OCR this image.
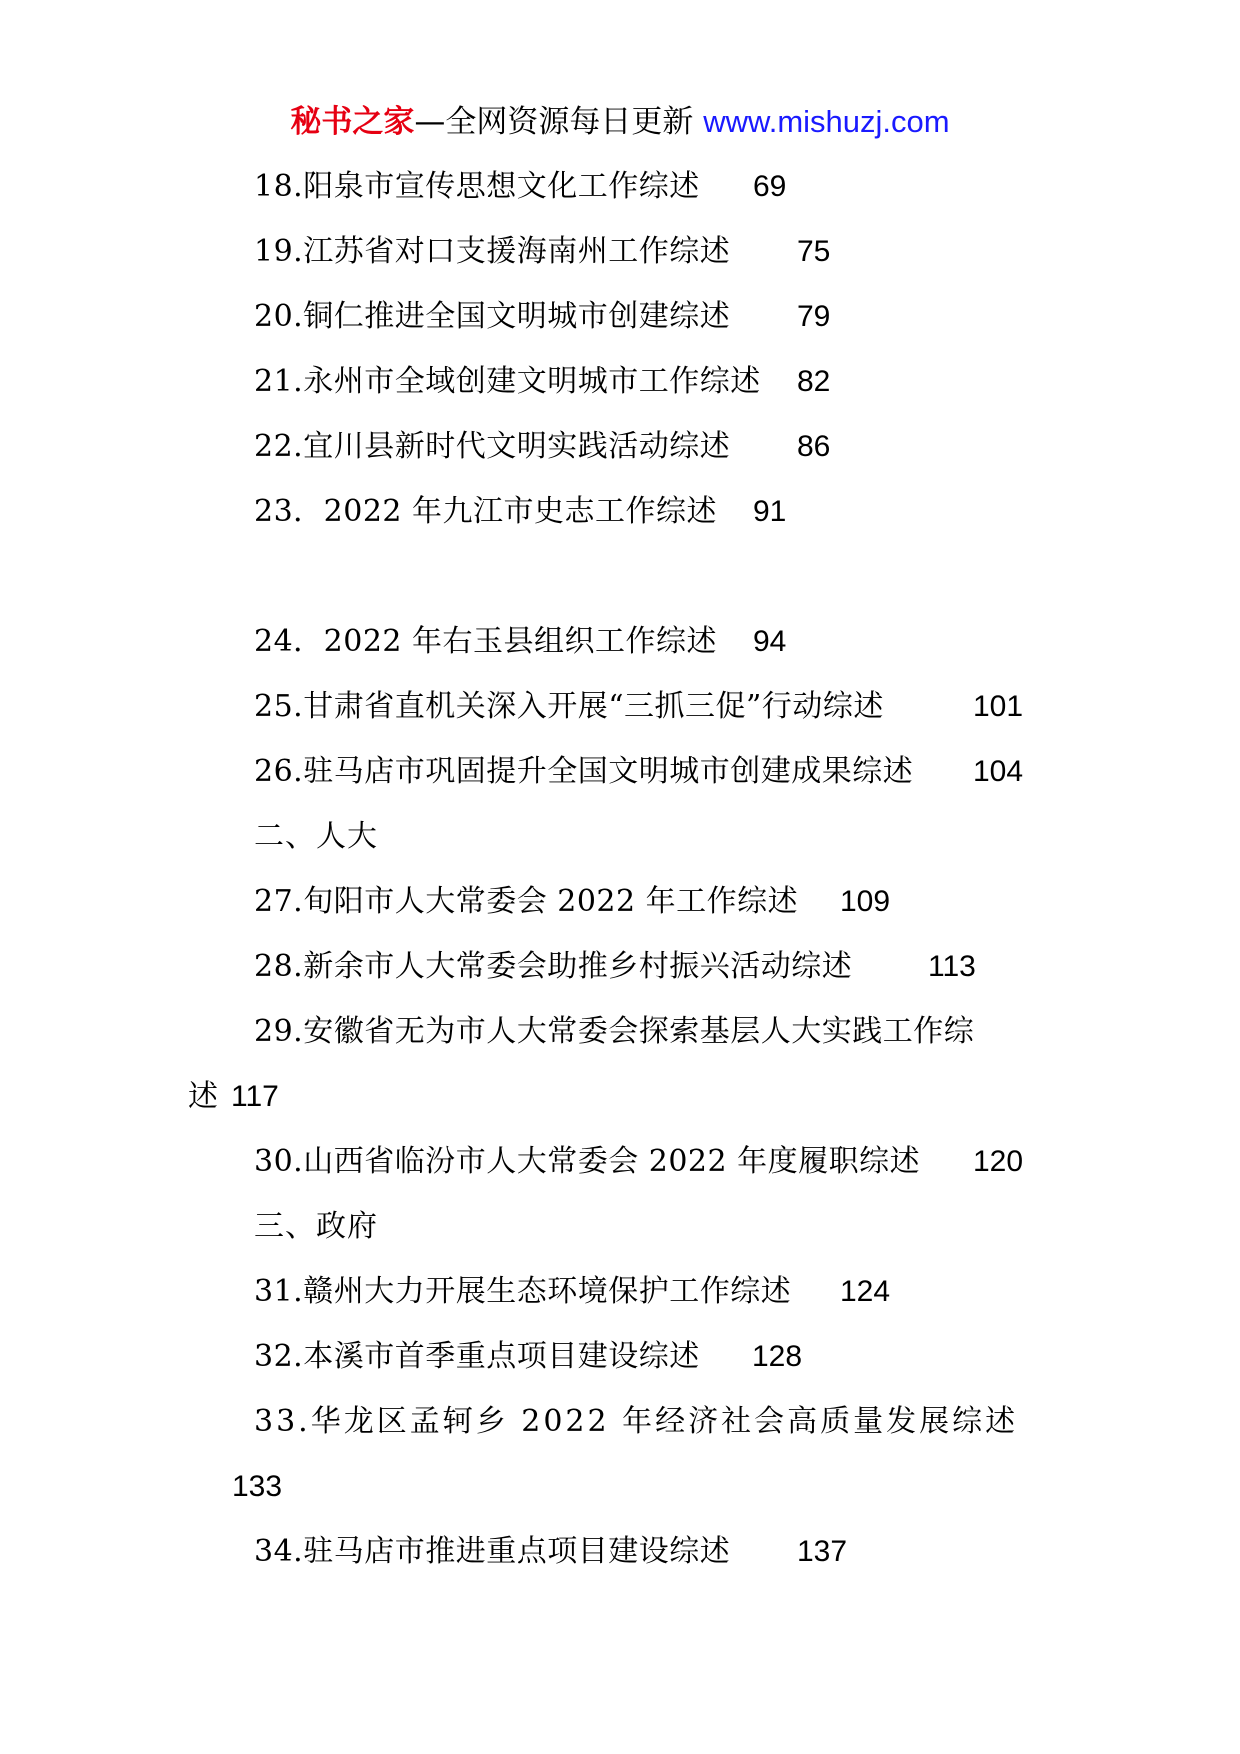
秘书之家—全网资源每日更新 www.mishuzj.com
18.阳泉市宣传思想文化工作综述 69
19.江苏省对口支援海南州工作综述 75
20.铜仁推进全国文明城市创建综述 79
21.永州市全域创建文明城市工作综述 82
22.宜川县新时代文明实践活动综述 86
23．2022 年九江市史志工作综述 91
24．2022 年右玉县组织工作综述 94
25.甘肃省直机关深入开展“三抓三促”行动综述	101
26.驻马店市巩固提升全国文明城市创建成果综述 104
二、人大
27.旬阳市人大常委会 2022 年工作综述 109
28.新余市人大常委会助推乡村振兴活动综述	113
29.安徽省无为市人大常委会探索基层人大实践工作综
述 117
30.山西省临汾市人大常委会 2022 年度履职综述 120
三、政府
31.赣州大力开展生态环境保护工作综述 124
32.本溪市首季重点项目建设综述 128
33.华龙区孟轲乡 2022 年经济社会高质量发展综述
133
34.驻马店市推进重点项目建设综述 137
